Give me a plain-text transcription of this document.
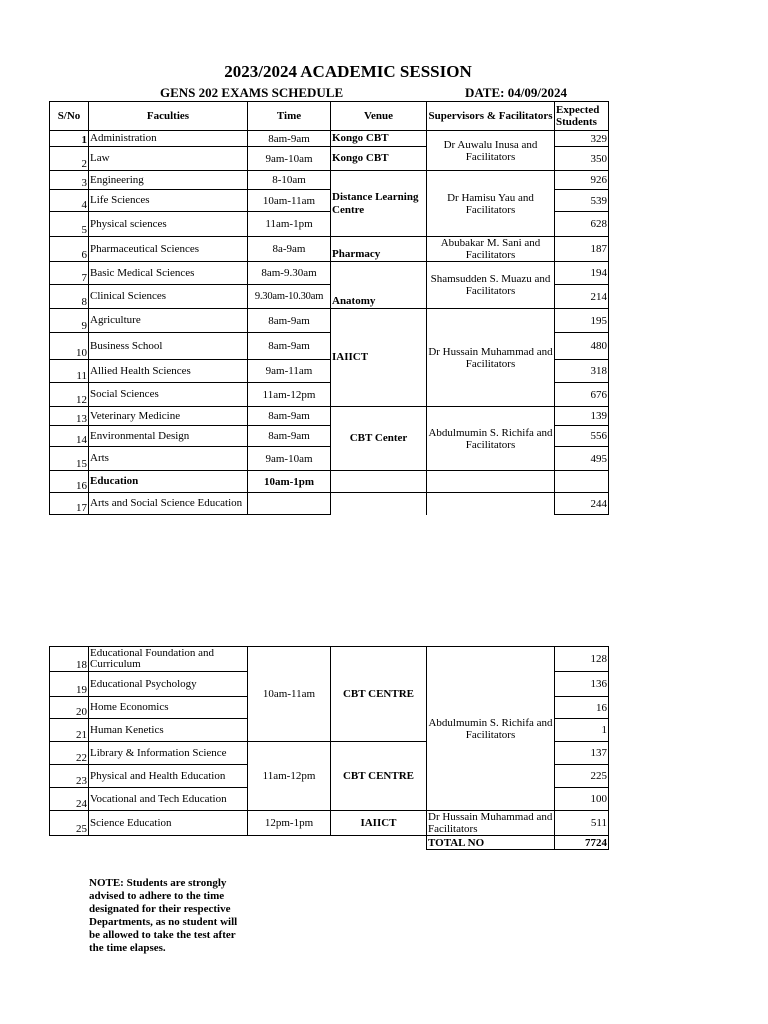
2023/2024 ACADEMIC SESSION
GENS 202 EXAMS SCHEDULE	DATE: 04/09/2024
S/No	Faculties	Time	Venue	Supervisors & Facilitators	Expected Students
1	Administration	8am-9am	Kongo CBT	Dr Auwalu Inusa and Facilitators	329
2	Law	9am-10am	Kongo CBT		350
3	Engineering	8-10am	Distance Learning Centre	Dr Hamisu Yau and Facilitators	926
4	Life Sciences	10am-11am			539
5	Physical sciences	11am-1pm			628
6	Pharmaceutical Sciences	8a-9am	Pharmacy	Abubakar M. Sani and Facilitators	187
7	Basic Medical Sciences	8am-9.30am	Anatomy	Shamsudden S. Muazu and Facilitators	194
8	Clinical Sciences	9.30am-10.30am			214
9	Agriculture	8am-9am	IAIICT	Dr Hussain Muhammad and Facilitators	195
10	Business School	8am-9am			480
11	Allied Health Sciences	9am-11am			318
12	Social Sciences	11am-12pm			676
13	Veterinary Medicine	8am-9am	CBT Center	Abdulmumin S. Richifa and Facilitators	139
14	Environmental Design	8am-9am			556
15	Arts	9am-10am			495
16	Education	10am-1pm			
17	Arts and Social Science Education				244
18	Educational Foundation and Curriculum	10am-11am	CBT CENTRE	Abdulmumin S. Richifa and Facilitators	128
19	Educational Psychology				136
20	Home Economics				16
21	Human Kenetics				1
22	Library & Information Science	11am-12pm	CBT CENTRE		137
23	Physical and Health Education				225
24	Vocational and Tech Education				100
25	Science Education	12pm-1pm	IAIICT	Dr Hussain Muhammad and Facilitators	511
				TOTAL NO	7724
NOTE: Students are strongly advised to adhere to the time designated for their respective Departments, as no student will be allowed to take the test after the time elapses.
